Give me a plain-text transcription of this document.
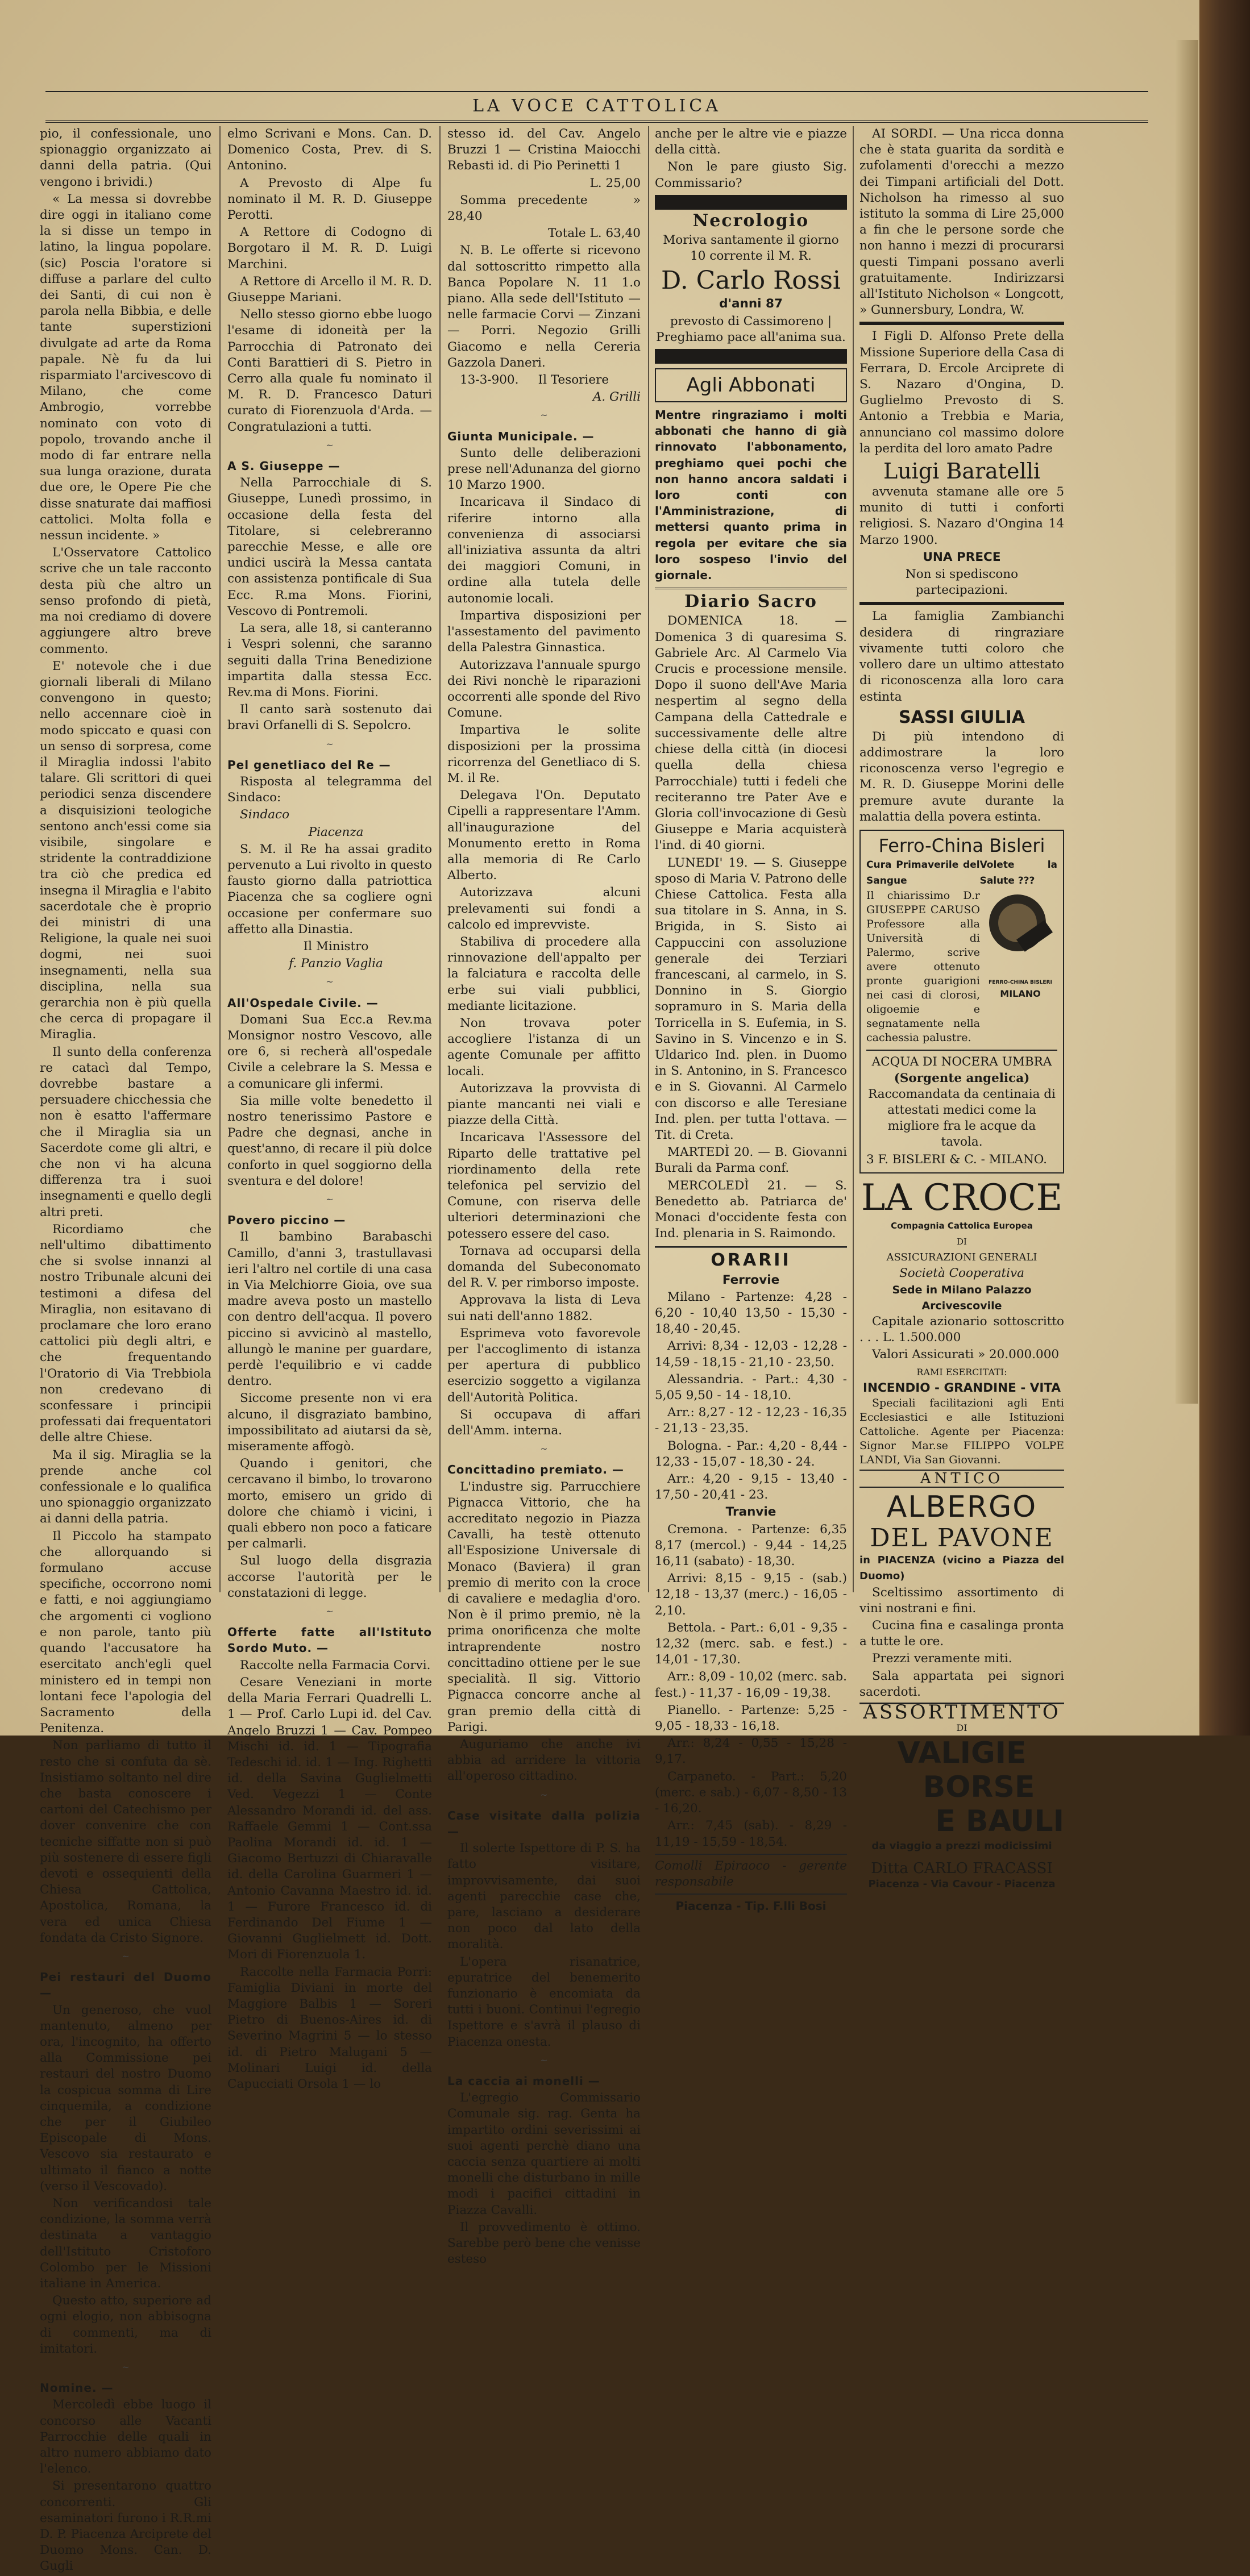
LA VOCE CATTOLICA

pio, il confessionale, uno spionaggio organizzato ai danni della patria. (Qui vengono i brividi.)

« La messa si dovrebbe dire oggi in italiano come la si disse un tempo in latino, la lingua popolare.(sic) Poscia l'oratore si diffuse a parlare del culto dei Santi, di cui non è parola nella Bibbia, e delle tante superstizioni divulgate ad arte da Roma papale. Nè fu da lui risparmiato l'arcivescovo di Milano, che come Ambrogio, vorrebbe nominato con voto di popolo, trovando anche il modo di far entrare nella sua lunga orazione, durata due ore, le Opere Pie che disse snaturate dai maffiosi cattolici. Molta folla e nessun incidente. »

L'Osservatore Cattolico scrive che un tale racconto desta più che altro un senso profondo di pietà, ma noi crediamo di dovere aggiungere altro breve commento.

E' notevole che i due giornali liberali di Milano convengono in questo; nello accennare cioè in modo spiccato e quasi con un senso di sorpresa, come il Miraglia indossi l'abito talare. Gli scrittori di quei periodici senza discendere a disquisizioni teologiche sentono anch'essi come sia visibile, singolare e stridente la contraddizione tra ciò che predica ed insegna il Miraglia e l'abito sacerdotale che è proprio dei ministri di una Religione, la quale nei suoi dogmi, nei suoi insegnamenti, nella sua disciplina, nella sua gerarchia non è più quella che cerca di propagare il Miraglia.

Il sunto della conferenza re catacì dal Tempo, dovrebbe bastare a persuadere chicchessia che non è esatto l'affermare che il Miraglia sia un Sacerdote come gli altri, e che non vi ha alcuna differenza tra i suoi insegnamenti e quello degli altri preti.

Ricordiamo che nell'ultimo dibattimento che si svolse innanzi al nostro Tribunale alcuni dei testimoni a difesa del Miraglia, non esitavano di proclamare che loro erano cattolici più degli altri, e che frequentando l'Oratorio di Via Trebbiola non credevano di sconfessare i principii professati dai frequentatori delle altre Chiese.

Ma il sig. Miraglia se la prende anche col confessionale e lo qualifica uno spionaggio organizzato ai danni della patria.

Il Piccolo ha stampato che allorquando si formulano accuse specifiche, occorrono nomi e fatti, e noi aggiungiamo che argomenti ci vogliono e non parole, tanto più quando l'accusatore ha esercitato anch'egli quel ministero ed in tempi non lontani fece l'apologia del Sacramento della Penitenza.

Non parliamo di tutto il resto che si confuta da sè. Insistiamo soltanto nel dire che basta conoscere i cartoni del Catechismo per dover convenire che con tecniche siffatte non si può più sostenere di essere figli devoti e ossequienti della Chiesa Cattolica, Apostolica, Romana, la vera ed unica Chiesa fondata da Cristo Signore.

~
Pei restauri del Duomo —

Un generoso, che vuol mantenuto, almeno per ora, l'incognito, ha offerto alla Commissione pei restauri del nostro Duomo la cospicua somma di Lire cinquemila, a condizione che per il Giubileo Episcopale di Mons. Vescovo sia restaurato e ultimato il fianco a notte (verso il Vescovado).

Non verificandosi tale condizione, la somma verrà destinata a vantaggio dell'Istituto Cristoforo Colombo per le Missioni italiane in America.

Questo atto, superiore ad ogni elogio, non abbisogna di commenti, ma di imitatori.

~
Nomine. —

Mercoledì ebbe luogo il concorso alle Vacanti Parrocchie delle quali in altro numero abbiamo dato l'elenco.

Si presentarono quattro concorrenti. Gli esaminatori furono i R.R.mi D. P. Piacenza Arciprete del Duomo Mons. Can. D. Gugli

elmo Scrivani e Mons. Can. D. Domenico Costa, Prev. di S. Antonino.

A Prevosto di Alpe fu nominato il M. R. D. Giuseppe Perotti.

A Rettore di Codogno di Borgotaro il M. R. D. Luigi Marchini.

A Rettore di Arcello il M. R. D. Giuseppe Mariani.

Nello stesso giorno ebbe luogo l'esame di idoneità per la Parrocchia di Patronato dei Conti Barattieri di S. Pietro in Cerro alla quale fu nominato il M. R. D. Francesco Daturi curato di Fiorenzuola d'Arda. — Congratulazioni a tutti.

~
A S. Giuseppe —

Nella Parrocchiale di S. Giuseppe, Lunedì prossimo, in occasione della festa del Titolare, si celebreranno parecchie Messe, e alle ore undici uscirà la Messa cantata con assistenza pontificale di Sua Ecc. R.ma Mons. Fiorini, Vescovo di Pontremoli.

La sera, alle 18, si canteranno i Vespri solenni, che saranno seguiti dalla Trina Benedizione impartita dalla stessa Ecc. Rev.ma di Mons. Fiorini.

Il canto sarà sostenuto dai bravi Orfanelli di S. Sepolcro.

~
Pel genetliaco del Re —

Risposta al telegramma del Sindaco:

Sindaco

Piacenza

S. M. il Re ha assai gradito pervenuto a Lui rivolto in questo fausto giorno dalla patriottica Piacenza che sa cogliere ogni occasione per confermare suo affetto alla Dinastia.

Il Ministro

f. Panzio Vaglia

~
All'Ospedale Civile. —

Domani Sua Ecc.a Rev.ma Monsignor nostro Vescovo, alle ore 6, si recherà all'ospedale Civile a celebrare la S. Messa e a comunicare gli infermi.

Sia mille volte benedetto il nostro tenerissimo Pastore e Padre che degnasi, anche in quest'anno, di recare il più dolce conforto in quel soggiorno della sventura e del dolore!

~
Povero piccino —

Il bambino Barabaschi Camillo, d'anni 3, trastullavasi ieri l'altro nel cortile di una casa in Via Melchiorre Gioia, ove sua madre aveva posto un mastello con dentro dell'acqua. Il povero piccino si avvicinò al mastello, allungò le manine per guardare, perdè l'equilibrio e vi cadde dentro.

Siccome presente non vi era alcuno, il disgraziato bambino, impossibilitato ad aiutarsi da sè, miseramente affogò.

Quando i genitori, che cercavano il bimbo, lo trovarono morto, emisero un grido di dolore che chiamò i vicini, i quali ebbero non poco a faticare per calmarli.

Sul luogo della disgrazia accorse l'autorità per le constatazioni di legge.

~
Offerte fatte all'Istituto Sordo Muto. —

Raccolte nella Farmacia Corvi.

Cesare Veneziani in morte della Maria Ferrari Quadrelli L. 1 — Prof. Carlo Lupi id. del Cav. Angelo Bruzzi 1 — Cav. Pompeo Mischi id. id. 1 — Tipografia Tedeschi id. id. 1 — Ing. Righetti id. della Savina Guglielmetti Ved. Vegezzi 1 — Conte Alessandro Morandi id. del ass. Raffaele Gemmi 1 — Cont.ssa Paolina Morandi id. id. 1 — Giacomo Bertuzzi di Chiaravalle id. della Carolina Guarmeri 1 — Antonio Cavanna Maestro id. id. 1 — Furore Francesco id. di Ferdinando Del Fiume 1 — Giovanni Guglielmett id. Dott. Mori di Fiorenzuola 1.

Raccolte nella Farmacia Porri: Famiglia Diviani in morte del Maggiore Balbis 1 — Soreri Pietro di Buenos-Aires id. di Severino Magrini 5 — lo stesso id. di Pietro Malugani 5 — Molinari Luigi id. della Capucciati Orsola 1 — lo

stesso id. del Cav. Angelo Bruzzi 1 — Cristina Maiocchi Rebasti id. di Pio Perinetti 1

L. 25,00

Somma precedente	» 28,40

Totale L. 63,40

N. B. Le offerte si ricevono dal sottoscritto rimpetto alla Banca Popolare N. 11 1.o piano. Alla sede dell'Istituto — nelle farmacie Corvi — Zinzani — Porri. Negozio Grilli Giacomo e nella Cereria Gazzola Daneri.

13-3-900. Il Tesoriere

A. Grilli

~
Giunta Municipale. —

Sunto delle deliberazioni prese nell'Adunanza del giorno 10 Marzo 1900.

Incaricava il Sindaco di riferire intorno alla convenienza di associarsi all'iniziativa assunta da altri dei maggiori Comuni, in ordine alla tutela delle autonomie locali.

Impartiva disposizioni per l'assestamento del pavimento della Palestra Ginnastica.

Autorizzava l'annuale spurgo dei Rivi nonchè le riparazioni occorrenti alle sponde del Rivo Comune.

Impartiva le solite disposizioni per la prossima ricorrenza del Genetliaco di S. M. il Re.

Delegava l'On. Deputato Cipelli a rappresentare l'Amm. all'inaugurazione del Monumento eretto in Roma alla memoria di Re Carlo Alberto.

Autorizzava alcuni prelevamenti sui fondi a calcolo ed imprevviste.

Stabiliva di procedere alla rinnovazione dell'appalto per la falciatura e raccolta delle erbe sui viali pubblici, mediante licitazione.

Non trovava poter accogliere l'istanza di un agente Comunale per affitto locali.

Autorizzava la provvista di piante mancanti nei viali e piazze della Città.

Incaricava l'Assessore del Riparto delle trattative pel riordinamento della rete telefonica pel servizio del Comune, con riserva delle ulteriori determinazioni che potessero essere del caso.

Tornava ad occuparsi della domanda del Subeconomato del R. V. per rimborso imposte.

Approvava la lista di Leva sui nati dell'anno 1882.

Esprimeva voto favorevole per l'accoglimento di istanza per apertura di pubblico esercizio soggetto a vigilanza dell'Autorità Politica.

Si occupava di affari dell'Amm. interna.

~
Concittadino premiato. —

L'industre sig. Parrucchiere Pignacca Vittorio, che ha accreditato negozio in Piazza Cavalli, ha testè ottenuto all'Esposizione Universale di Monaco (Baviera) il gran premio di merito con la croce di cavaliere e medaglia d'oro. Non è il primo premio, nè la prima onorificenza che molte intraprendente nostro concittadino ottiene per le sue specialità. Il sig. Vittorio Pignacca concorre anche al gran premio della città di Parigi.

Auguriamo che anche ivi abbia ad arridere la vittoria all'operoso cittadino.

~
Case visitate dalla polizia —

Il solerte Ispettore di P. S. ha fatto visitare, improvvisamente, dai suoi agenti parecchie case che, pare, lasciano a desiderare non poco dal lato della moralità.

L'opera risanatrice, epuratrice del benemerito funzionario è encomiata da tutti i buoni. Continui l'egregio Ispettore e s'avrà il plauso di Piacenza onesta.

~
La caccia ai monelli —

L'egregio Commissario Comunale sig. rag. Genta ha impartito ordini severissimi ai suoi agenti perchè diano una caccia senza quartiere ai molti monelli che disturbano in mille modi i pacifici cittadini in Piazza Cavalli.

Il provvedimento è ottimo. Sarebbe però bene che venisse esteso

anche per le altre vie e piazze della città.

Non le pare giusto Sig. Commissario?

Necrologio

Moriva santamente il giorno 10 corrente il M. R.

D. Carlo Rossi

d'anni 87

prevosto di Cassimoreno | Preghiamo pace all'anima sua.

Agli Abbonati

Mentre ringraziamo i molti abbonati che hanno di già rinnovato l'abbonamento, preghiamo quei pochi che non hanno ancora saldati i loro conti con l'Amministrazione, di mettersi quanto prima in regola per evitare che sia loro sospeso l'invio del giornale.

Diario Sacro

DOMENICA 18. — Domenica 3 di quaresima S. Gabriele Arc. Al Carmelo Via Crucis e processione mensile. Dopo il suono dell'Ave Maria nespertim al segno della Campana della Cattedrale e successivamente delle altre chiese della città (in diocesi quella della chiesa Parrocchiale) tutti i fedeli che reciteranno tre Pater Ave e Gloria coll'invocazione di Gesù Giuseppe e Maria acquisterà l'ind. di 40 giorni.

LUNEDI' 19. — S. Giuseppe sposo di Maria V. Patrono delle Chiese Cattolica. Festa alla sua titolare in S. Anna, in S. Brigida, in S. Sisto ai Cappuccini con assoluzione generale dei Terziari francescani, al carmelo, in S. Donnino in S. Giorgio sopramuro in S. Maria della Torricella in S. Eufemia, in S. Savino in S. Vincenzo e in S. Uldarico Ind. plen. in Duomo in S. Antonino, in S. Francesco e in S. Giovanni. Al Carmelo con discorso e alle Teresiane Ind. plen. per tutta l'ottava. — Tit. di Creta.

MARTEDÌ 20. — B. Giovanni Burali da Parma conf.

MERCOLEDÌ 21. — S. Benedetto ab. Patriarca de' Monaci d'occidente festa con Ind. plenaria in S. Raimondo.

ORARII

Ferrovie

Milano - Partenze: 4,28 - 6,20 - 10,40 13,50 - 15,30 - 18,40 - 20,45.

Arrivi: 8,34 - 12,03 - 12,28 - 14,59 - 18,15 - 21,10 - 23,50.

Alessandria. - Part.: 4,30 - 5,05 9,50 - 14 - 18,10.

Arr.: 8,27 - 12 - 12,23 - 16,35 - 21,13 - 23,35.

Bologna. - Par.: 4,20 - 8,44 - 12,33 - 15,07 - 18,30 - 24.

Arr.: 4,20 - 9,15 - 13,40 - 17,50 - 20,41 - 23.

Tranvie

Cremona. - Partenze: 6,35 8,17 (mercol.) - 9,44 - 14,25 16,11 (sabato) - 18,30.

Arrivi: 8,15 - 9,15 - (sab.) 12,18 - 13,37 (merc.) - 16,05 - 2,10.

Bettola. - Part.: 6,01 - 9,35 - 12,32 (merc. sab. e fest.) - 14,01 - 17,30.

Arr.: 8,09 - 10,02 (merc. sab. fest.) - 11,37 - 16,09 - 19,38.

Pianello. - Partenze: 5,25 - 9,05 - 18,33 - 16,18.

Arr.: 8,24 - 0,55 - 15,28 - 9,17.

Carpaneto. - Part.: 5,20 (merc. e sab.) - 6,07 - 8,50 - 13 - 16,20.

Arr.: 7,45 (sab). - 8,29 - 11,19 - 15,59 - 18,54.

Comolli Epiraoco - gerente responsabile

Piacenza - Tip. F.lli Bosi

AI SORDI. — Una ricca donna che è stata guarita da sordità e zufolamenti d'orecchi a mezzo dei Timpani artificiali del Dott. Nicholson ha rimesso al suo istituto la somma di Lire 25,000 a fin che le persone sorde che non hanno i mezzi di procurarsi questi Timpani possano averli gratuitamente. Indirizzarsi all'Istituto Nicholson « Longcott, » Gunnersbury, Londra, W.

I Figli D. Alfonso Prete della Missione Superiore della Casa di Ferrara, D. Ercole Arciprete di S. Nazaro d'Ongina, D. Guglielmo Prevosto di S. Antonio a Trebbia e Maria, annunciano col massimo dolore la perdita del loro amato Padre

Luigi Baratelli

avvenuta stamane alle ore 5 munito di tutti i conforti religiosi. S. Nazaro d'Ongina 14 Marzo 1900.

UNA PRECE

Non si spediscono partecipazioni.

La famiglia Zambianchi desidera di ringraziare vivamente tutti coloro che vollero dare un ultimo attestato di riconoscenza alla loro cara estinta

SASSI GIULIA

Di più intendono di addimostrare la loro riconoscenza verso l'egregio e M. R. D. Giuseppe Morini delle premure avute durante la malattia della povera estinta.

Ferro-China Bisleri
Cura Primaverile del Sangue
Volete la Salute ???

Il chiarissimo D.r GIUSEPPE CARUSO Professore alla Università di Palermo, scrive avere ottenuto pronte guarigioni nei casi di clorosi, oligoemie e segnatamente nella cachessia palustre.

FERRO-CHINA BISLERI
MILANO
ACQUA DI NOCERA UMBRA
(Sorgente angelica)

Raccomandata da centinaia di attestati medici come la migliore fra le acque da tavola.

3 F. BISLERI & C. - MILANO.

LA CROCE
Compagnia Cattolica Europea
DI
ASSICURAZIONI GENERALI
Società Cooperativa
Sede in Milano Palazzo Arcivescovile

Capitale azionario sottoscritto . . . L. 1.500.000

Valori Assicurati » 20.000.000

RAMI ESERCITATI:
INCENDIO - GRANDINE - VITA

Speciali facilitazioni agli Enti Ecclesiastici e alle Istituzioni Cattoliche. Agente per Piacenza: Signor Mar.se FILIPPO VOLPE LANDI, Via San Giovanni.

ANTICO
ALBERGO
DEL PAVONE
in PIACENZA (vicino a Piazza del Duomo)

Sceltissimo assortimento di vini nostrani e fini.

Cucina fina e casalinga pronta a tutte le ore.

Prezzi veramente miti.

Sala appartata pei signori sacerdoti.

ASSORTIMENTO
DI
VALIGIE
BORSE
E BAULI
da viaggio a prezzi modicissimi
Ditta CARLO FRACASSI
Piacenza - Via Cavour - Piacenza
